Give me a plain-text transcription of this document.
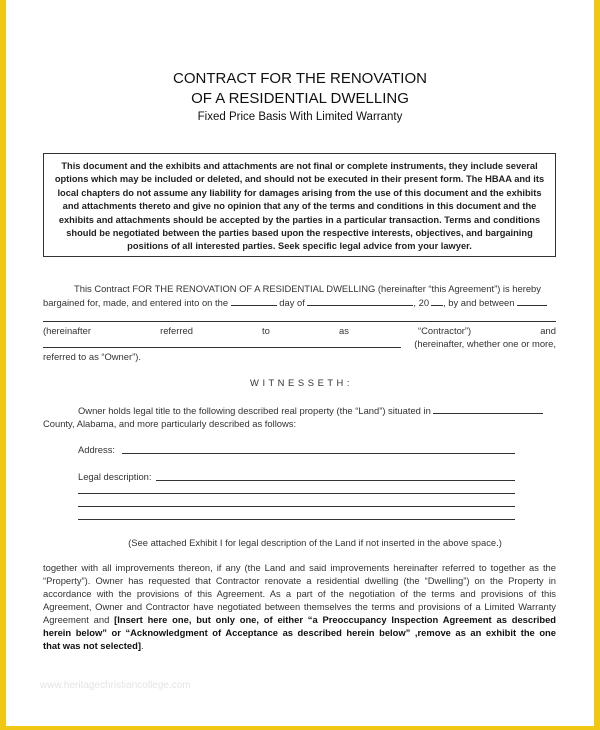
CONTRACT FOR THE RENOVATION
OF A RESIDENTIAL DWELLING
Fixed Price Basis With Limited Warranty
This document and the exhibits and attachments are not final or complete instruments, they include several options which may be included or deleted, and should not be executed in their present form. The HBAA and its local chapters do not assume any liability for damages arising from the use of this document and the exhibits and attachments thereto and give no opinion that any of the terms and conditions in this document and the exhibits and attachments should be accepted by the parties in a particular transaction. Terms and conditions should be negotiated between the parties based upon the respective interests, objectives, and bargaining positions of all interested parties. Seek specific legal advice from your lawyer.
This Contract FOR THE RENOVATION OF A RESIDENTIAL DWELLING (hereinafter “this Agreement”) is hereby
bargained for, made, and entered into on the	day of	, 20 , by and between
(hereinafter	referred	to	as	“Contractor”)	and
(hereinafter, whether one or more,
referred to as “Owner”).
W I T N E S S E T H :
Owner holds legal title to the following described real property (the “Land”) situated in
County, Alabama, and more particularly described as follows:
Address:
Legal description:
(See attached Exhibit I for legal description of the Land if not inserted in the above space.)
together with all improvements thereon, if any (the Land and said improvements hereinafter referred to together as the
“Property”). Owner has requested that Contractor renovate a residential dwelling (the “Dwelling”) on the Property in
accordance with the provisions of this Agreement. As a part of the negotiation of the terms and provisions of this
Agreement, Owner and Contractor have negotiated between themselves the terms and provisions of a Limited Warranty
Agreement and [Insert here one, but only one, of either “a Preoccupancy Inspection Agreement as described
herein below” or “Acknowledgment of Acceptance as described herein below” ,remove as an exhibit the one
that was not selected].
www.heritagechristiancollege.com
